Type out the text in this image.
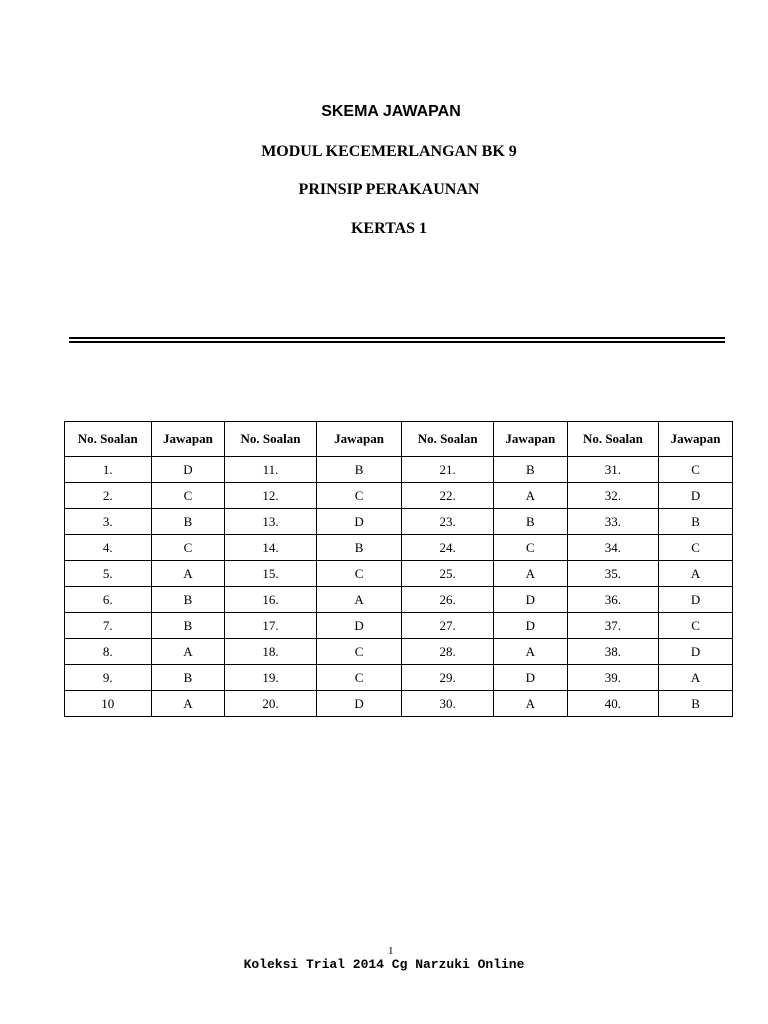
SKEMA JAWAPAN
MODUL KECEMERLANGAN BK 9
PRINSIP PERAKAUNAN
KERTAS 1
No. Soalan	Jawapan	No. Soalan	Jawapan	No. Soalan	Jawapan	No. Soalan	Jawapan
1.	D	11.	B	21.	B	31.	C
2.	C	12.	C	22.	A	32.	D
3.	B	13.	D	23.	B	33.	B
4.	C	14.	B	24.	C	34.	C
5.	A	15.	C	25.	A	35.	A
6.	B	16.	A	26.	D	36.	D
7.	B	17.	D	27.	D	37.	C
8.	A	18.	C	28.	A	38.	D
9.	B	19.	C	29.	D	39.	A
10	A	20.	D	30.	A	40.	B
1
Koleksi Trial 2014 Cg Narzuki Online
